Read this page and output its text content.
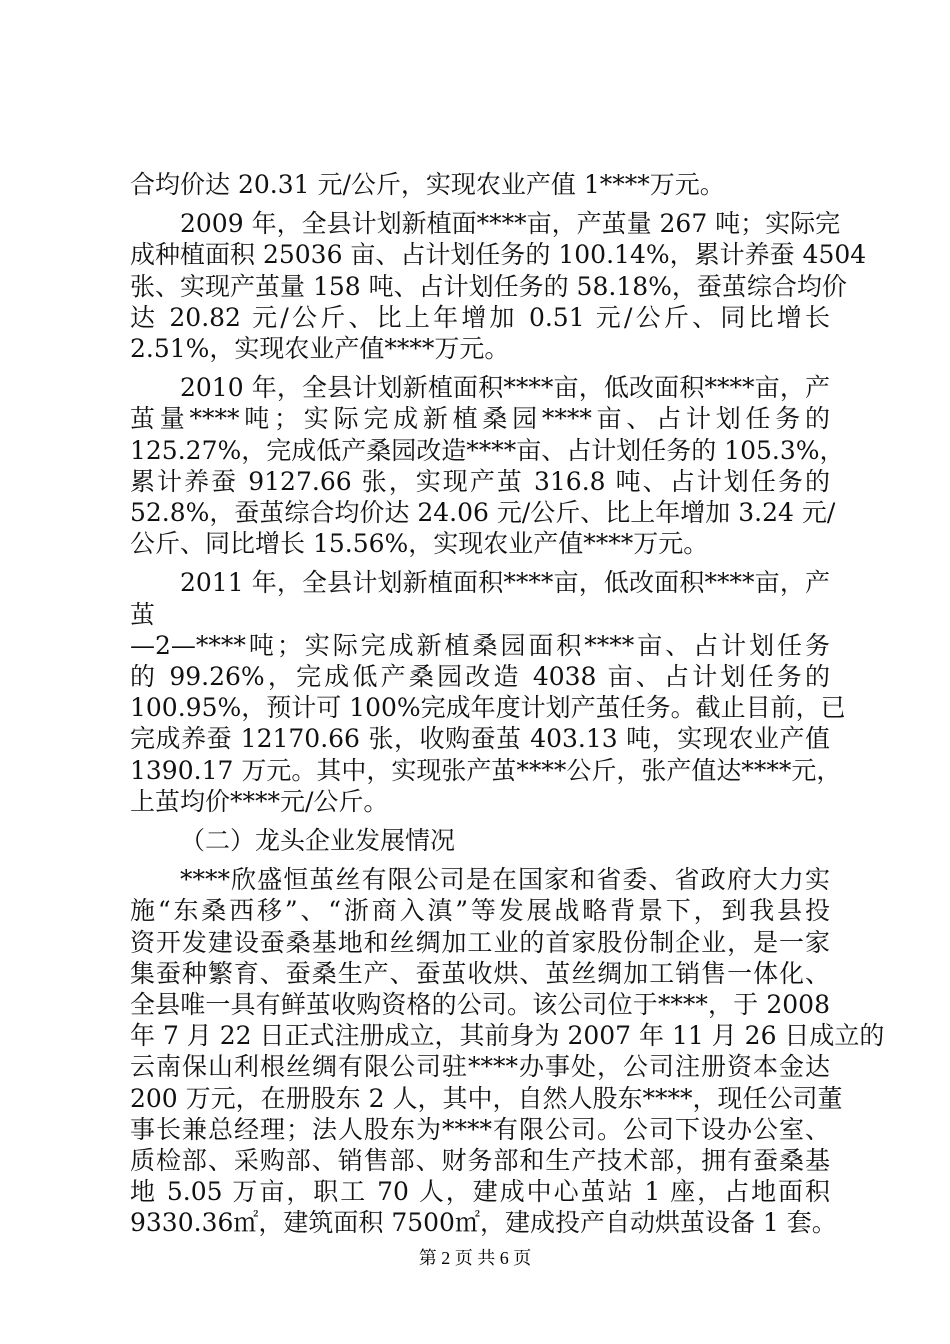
合均价达 20.31 元/公斤，实现农业产值 1****万元。
2009 年，全县计划新植面****亩，产茧量 267 吨；实际完
成种植面积 25036 亩、占计划任务的 100.14%，累计养蚕 4504
张、实现产茧量 158 吨、占计划任务的 58.18%，蚕茧综合均价
达 20.82 元/公斤、比上年增加 0.51 元/公斤、同比增长
2.51%，实现农业产值****万元。
2010 年，全县计划新植面积****亩，低改面积****亩，产
茧量****吨；实际完成新植桑园****亩、占计划任务的
125.27%，完成低产桑园改造****亩、占计划任务的 105.3%，
累计养蚕 9127.66 张，实现产茧 316.8 吨、占计划任务的
52.8%，蚕茧综合均价达 24.06 元/公斤、比上年增加 3.24 元/
公斤、同比增长 15.56%，实现农业产值****万元。
2011 年，全县计划新植面积****亩，低改面积****亩，产
茧
—2—****吨；实际完成新植桑园面积****亩、占计划任务
的 99.26%，完成低产桑园改造 4038 亩、占计划任务的
100.95%，预计可 100%完成年度计划产茧任务。截止目前，已
完成养蚕 12170.66 张，收购蚕茧 403.13 吨，实现农业产值
1390.17 万元。其中，实现张产茧****公斤，张产值达****元，
上茧均价****元/公斤。
（二）龙头企业发展情况
****欣盛恒茧丝有限公司是在国家和省委、省政府大力实
施“东桑西移”、“浙商入滇”等发展战略背景下，到我县投
资开发建设蚕桑基地和丝绸加工业的首家股份制企业，是一家
集蚕种繁育、蚕桑生产、蚕茧收烘、茧丝绸加工销售一体化、
全县唯一具有鲜茧收购资格的公司。该公司位于****，于 2008
年 7 月 22 日正式注册成立，其前身为 2007 年 11 月 26 日成立的
云南保山利根丝绸有限公司驻****办事处，公司注册资本金达
200 万元，在册股东 2 人，其中，自然人股东****，现任公司董
事长兼总经理；法人股东为****有限公司。公司下设办公室、
质检部、采购部、销售部、财务部和生产技术部，拥有蚕桑基
地 5.05 万亩，职工 70 人，建成中心茧站 1 座，占地面积
9330.36㎡，建筑面积 7500㎡，建成投产自动烘茧设备 1 套。
第 2 页 共 6 页
